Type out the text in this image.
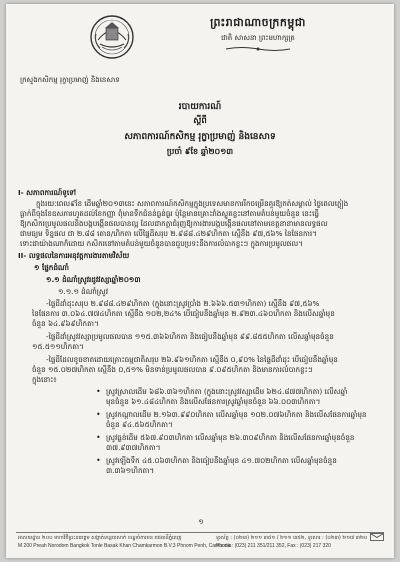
ព្រះរាជាណាចក្រកម្ពុជា
ជាតិ សាសនា ព្រះមហាក្សត្រ
ក្រសួងកសិកម្ម រុក្ខាប្រមាញ់ និងនេសាទ
របាយការណ៍
ស្តីពី
សភាពការណ៍កសិកម្ម រុក្ខាប្រមាញ់ និងនេសាទ
ប្រចាំ ៩ខែ ឆ្នាំ២០១៣
I- សភាពការណ៍ទូទៅ
ក្នុងរយៈពេល៩ខែ ដើមឆ្នាំ២០១៣នេះ សភាពការណ៍កសិកម្មក្នុងប្រទេសមានការរីកចម្រើនគួរឱ្យកត់សម្គាល់ ថ្ងៃពេលភ្លៀង
ធ្លាក់ពីចុងខែឧសភារហូតដល់ខែកញ្ញា ពុំមានទឹកជំនន់ធ្ងន់ធ្ងរ ប៉ុន្តែមានគ្រោះរាំងស្ងួតខ្លះនៅតាមតំបន់មួយចំនួន នេះធ្វើ
ឱ្យកសិករប្រមូលផលនិងបង្កបង្កើនផលបានល្អ ដែលជាកត្តាជំរុញឱ្យការងារបង្កបង្កើនផលនៅតាមខេត្តនានាមានលទ្ធផល
ជាមធ្យម ទិន្នផល ជា ២.៨៨ តោន/ហិកតា លើផ្ទៃដីសរុប ២.៩៨៨.៤២៩ហិកតា ស្មើនឹង ៩៧,៥៦% នៃផែនការ។
ទោះជាយ៉ាងណាក៏ដោយ កសិករនៅតាមតំបន់មួយចំនួនបានជួបប្រទះនឹងការលំបាកខ្លះៗ ក្នុងការប្រមូលផល។
II- លទ្ធផលនៃការអនុវត្តការងារតាមវិស័យ
១ ផ្នែកដំណាំ
១.១ ដំណាំស្រូវរដូវវស្សាឆ្នាំ២០១៣
១.១.១ ដំណាំស្រូវ
-ផ្ទៃដីដាំដុះសរុប ២.៩៨៨.៤២៩ហិកតា (ក្នុងនោះស្រូវប្រាំង ២.៦៦៦.៥៣១ហិកតា) ស្មើនឹង ៩៧,៥៦%
នៃផែនការ ៣.០៦៤.៧៧៤ហិកតា ស្មើនឹង ១០២,២៤% បើធៀបនឹងឆ្នាំមុន ២.៩២៣.៤៦០ហិកតា និងលើសឆ្នាំមុន
ចំនួន ៦៤.៩៦៩ហិកតា។
-ផ្ទៃដីដាំស្រូវវស្សាប្រមូលផលបាន ១១៥.៣៦៦ហិកតា និងធៀបនឹងឆ្នាំមុន ៩៩.៨៥៥ហិកតា លើសឆ្នាំមុនចំនួន
១៥.៥១១ហិកតា។
-ផ្ទៃដីដែលខូចខាតដោយគ្រោះធម្មជាតិសរុប ២៦.៩៦១ហិកតា ស្មើនឹង ០,៩០% នៃផ្ទៃដីដាំដុះ បើធៀបនឹងឆ្នាំមុន
ចំនួន ១៥.០២៧ហិកតា ស្មើនឹង ០,៥១% មិនទាន់ប្រមូលផលបាន ៩.០៩៥ហិកតា និងមានការលំបាកខ្លះៗ
ក្នុងនោះ៖
• ស្រូវស្រាលដើម ៦៨៦.៣៦១ហិកតា (ក្នុងនោះស្រូវវស្សាដើម ៦២៤.៨៧៧ហិកតា) លើសឆ្នាំ
មុនចំនួន ៦១.៤៨៤ហិកតា និងលើសផែនការស្រូវឆ្នាំមុនចំនួន ៦៦.០០៣ហិកតា។
• ស្រូវកណ្តាលដើម ២.១៦៣.៩៩០ហិកតា លើសឆ្នាំមុន ១០២.០៧៦ហិកតា និងលើសផែនការឆ្នាំមុន
ចំនួន ៩៤.៥៦៥ហិកតា។
• ស្រូវធ្ងន់ដើម ៥៦៧.៩០៣ហិកតា លើសឆ្នាំមុន ២៦.៣០៩ហិកតា និងលើសផែនការឆ្នាំមុនចំនួន
៣៧.៩៣៧ហិកតា។
• ស្រូវឡើងទឹក ៤៥.០៦៣ហិកតា និងធៀបនឹងឆ្នាំមុន ៤១.៧០២ហិកតា លើសឆ្នាំមុនចំនួន
៣.៣៦១ហិកតា។
១
អាសយដ្ឋាន ២០០ មហាវិថីព្រះនរោត្តម សង្កាត់ទន្លេបាសាក់ ខណ្ឌចំការមន រាជធានីភ្នំពេញ
M 200 Preah Norodom Bangkok Tonle Basak Khan Chamkarmon B.V.3 Phnom Penh, Cambodia
ទូរស័ព្ទ : (០២៣) ២១១ ៣៥១ / ២១១ ៣៥២, ទូរសារ : (០២៣) ២១៧ ៣២០
Phone : (023) 211 351/211 352, Fax : (023) 217 320
